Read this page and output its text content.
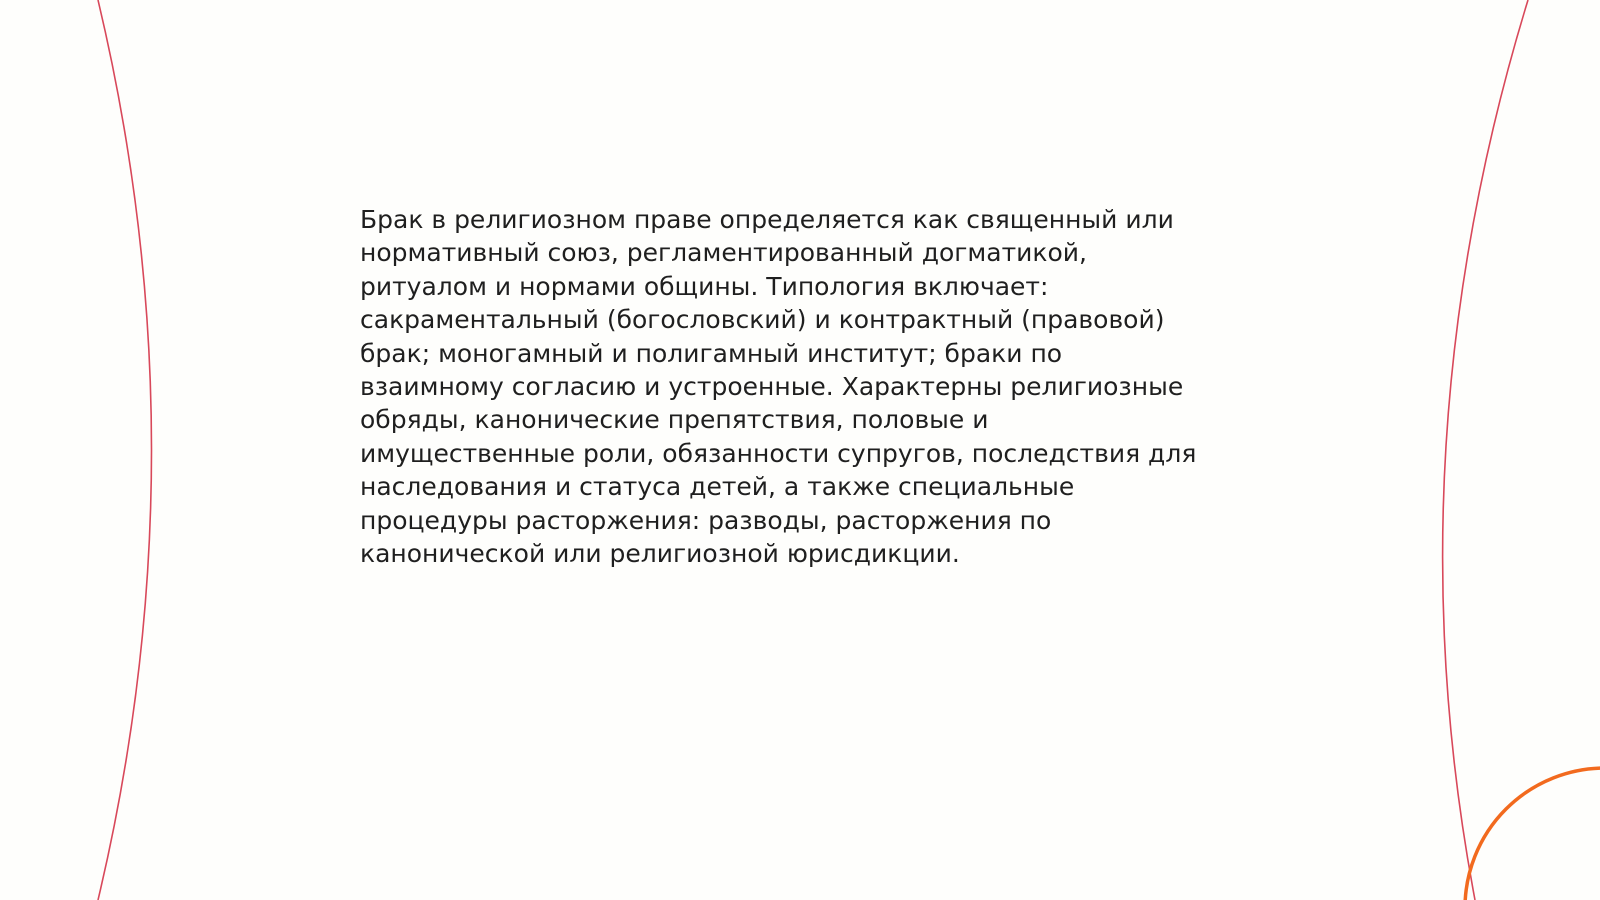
Брак в религиозном праве определяется как священный или
нормативный союз, регламентированный догматикой,
ритуалом и нормами общины. Типология включает:
сакраментальный (богословский) и контрактный (правовой)
брак; моногамный и полигамный институт; браки по
взаимному согласию и устроенные. Характерны религиозные
обряды, канонические препятствия, половые и
имущественные роли, обязанности супругов, последствия для
наследования и статуса детей, а также специальные
процедуры расторжения: разводы, расторжения по
канонической или религиозной юрисдикции.
